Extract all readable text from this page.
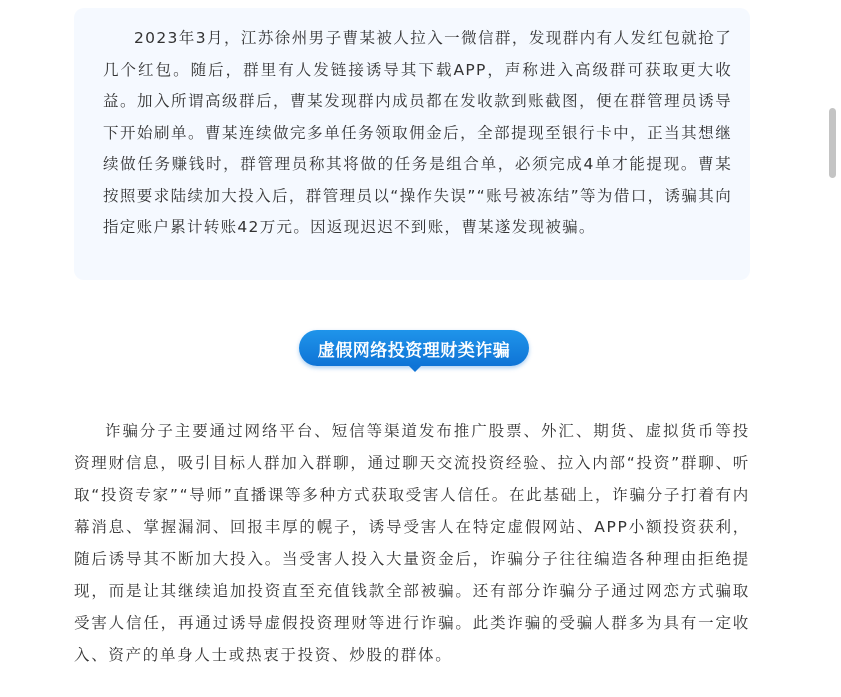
2023年3月，江苏徐州男子曹某被人拉入一微信群，发现群内有人发红包就抢了几个红包。随后，群里有人发链接诱导其下载APP，声称进入高级群可获取更大收益。加入所谓高级群后，曹某发现群内成员都在发收款到账截图，便在群管理员诱导下开始刷单。曹某连续做完多单任务领取佣金后，全部提现至银行卡中，正当其想继续做任务赚钱时，群管理员称其将做的任务是组合单，必须完成4单才能提现。曹某按照要求陆续加大投入后，群管理员以“操作失误”“账号被冻结”等为借口，诱骗其向指定账户累计转账42万元。因返现迟迟不到账，曹某遂发现被骗。

虚假网络投资理财类诈骗

诈骗分子主要通过网络平台、短信等渠道发布推广股票、外汇、期货、虚拟货币等投资理财信息，吸引目标人群加入群聊，通过聊天交流投资经验、拉入内部“投资”群聊、听取“投资专家”“导师”直播课等多种方式获取受害人信任。在此基础上，诈骗分子打着有内幕消息、掌握漏洞、回报丰厚的幌子，诱导受害人在特定虚假网站、APP小额投资获利，随后诱导其不断加大投入。当受害人投入大量资金后，诈骗分子往往编造各种理由拒绝提现，而是让其继续追加投资直至充值钱款全部被骗。还有部分诈骗分子通过网恋方式骗取受害人信任，再通过诱导虚假投资理财等进行诈骗。此类诈骗的受骗人群多为具有一定收入、资产的单身人士或热衷于投资、炒股的群体。
